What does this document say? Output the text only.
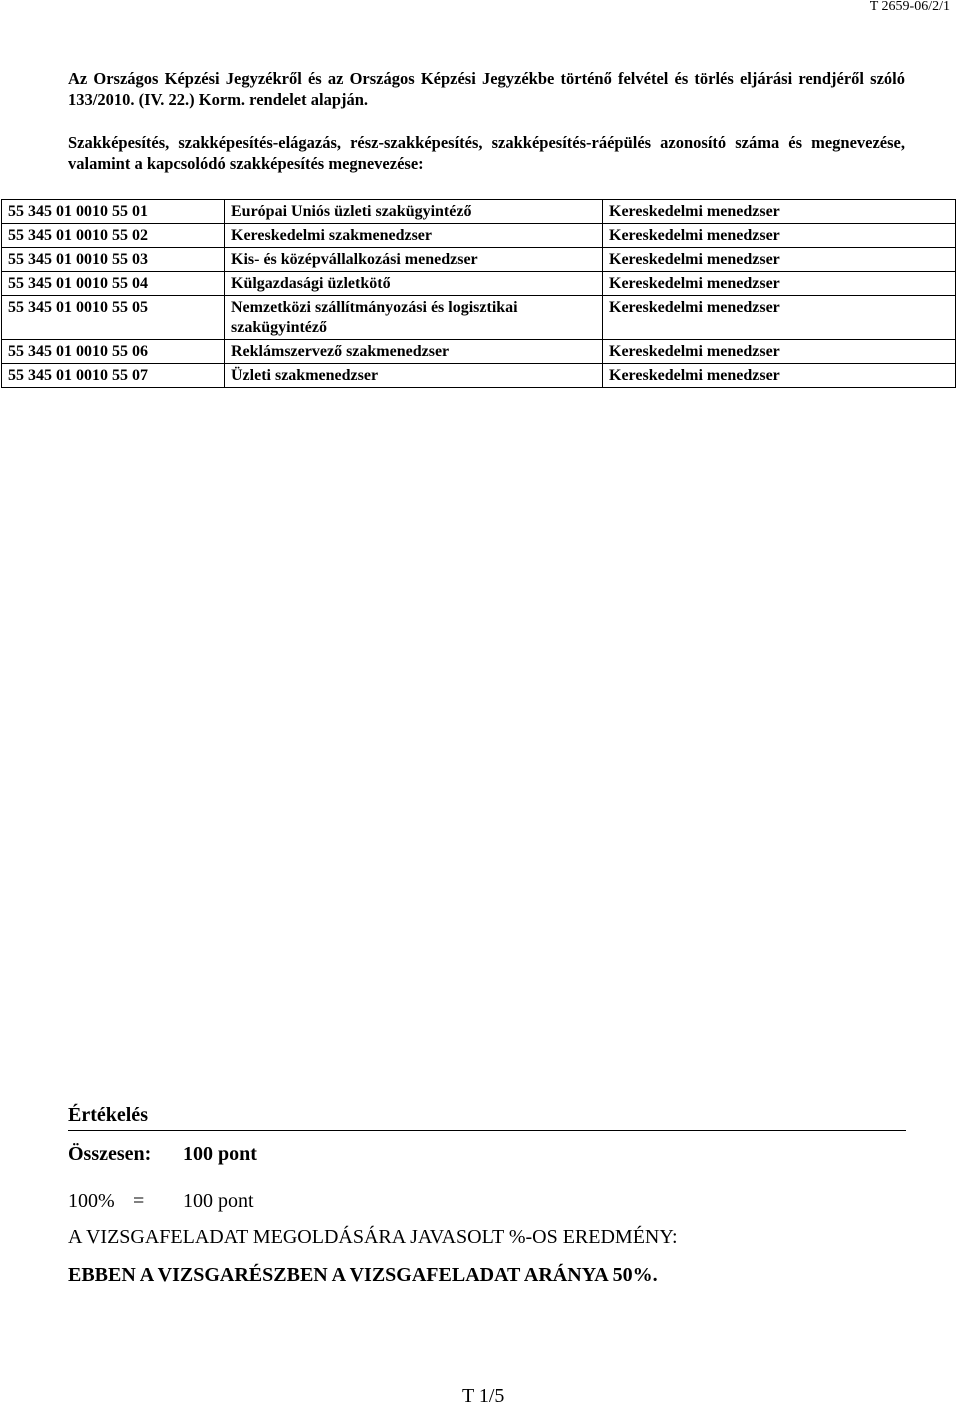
T 2659-06/2/1

Az Országos Képzési Jegyzékről és az Országos Képzési Jegyzékbe történő felvétel és törlés eljárási rendjéről szóló 133/2010. (IV. 22.) Korm. rendelet alapján.

Szakképesítés, szakképesítés-elágazás, rész-szakképesítés, szakképesítés-ráépülés azonosító száma és megnevezése, valamint a kapcsolódó szakképesítés megnevezése:

55 345 01 0010 55 01	Európai Uniós üzleti szakügyintéző	Kereskedelmi menedzser
55 345 01 0010 55 02	Kereskedelmi szakmenedzser	Kereskedelmi menedzser
55 345 01 0010 55 03	Kis- és középvállalkozási menedzser	Kereskedelmi menedzser
55 345 01 0010 55 04	Külgazdasági üzletkötő	Kereskedelmi menedzser
55 345 01 0010 55 05	Nemzetközi szállítmányozási és logisztikai szakügyintéző	Kereskedelmi menedzser
55 345 01 0010 55 06	Reklámszervező szakmenedzser	Kereskedelmi menedzser
55 345 01 0010 55 07	Üzleti szakmenedzser	Kereskedelmi menedzser
Értékelés
Összesen: 100 pont
100% = 100 pont
A VIZSGAFELADAT MEGOLDÁSÁRA JAVASOLT %-OS EREDMÉNY:
EBBEN A VIZSGARÉSZBEN A VIZSGAFELADAT ARÁNYA 50%.
T 1/5
